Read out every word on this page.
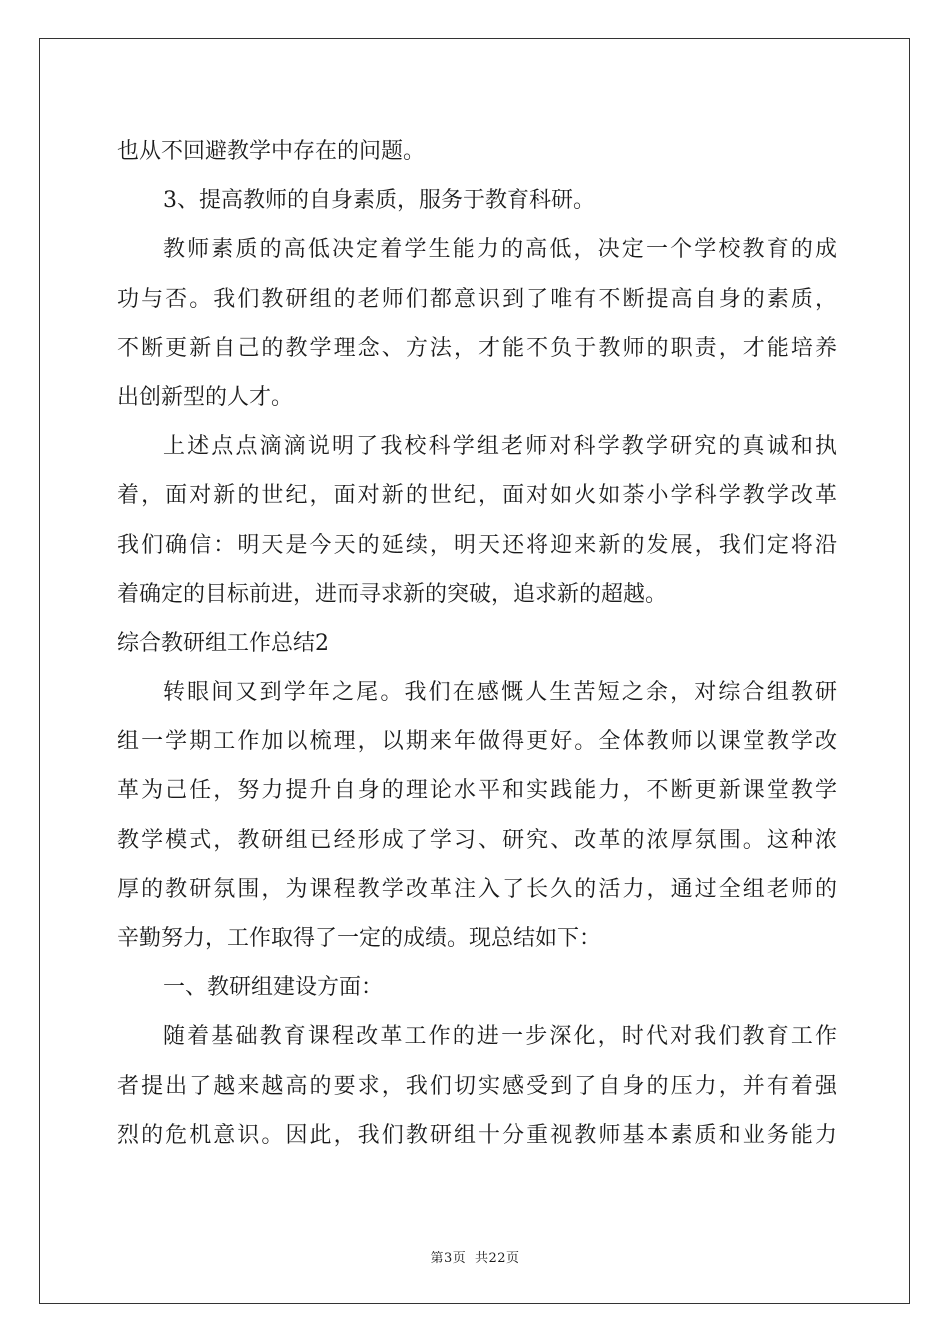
也从不回避教学中存在的问题。
3、提高教师的自身素质，服务于教育科研。
教师素质的高低决定着学生能力的高低，决定一个学校教育的成
功与否。我们教研组的老师们都意识到了唯有不断提高自身的素质，
不断更新自己的教学理念、方法，才能不负于教师的职责，才能培养
出创新型的人才。
上述点点滴滴说明了我校科学组老师对科学教学研究的真诚和执
着，面对新的世纪，面对新的世纪，面对如火如荼小学科学教学改革
我们确信：明天是今天的延续，明天还将迎来新的发展，我们定将沿
着确定的目标前进，进而寻求新的突破，追求新的超越。
综合教研组工作总结2
转眼间又到学年之尾。我们在感慨人生苦短之余，对综合组教研
组一学期工作加以梳理，以期来年做得更好。全体教师以课堂教学改
革为己任，努力提升自身的理论水平和实践能力，不断更新课堂教学
教学模式，教研组已经形成了学习、研究、改革的浓厚氛围。这种浓
厚的教研氛围，为课程教学改革注入了长久的活力，通过全组老师的
辛勤努力，工作取得了一定的成绩。现总结如下：
一、教研组建设方面：
随着基础教育课程改革工作的进一步深化，时代对我们教育工作
者提出了越来越高的要求，我们切实感受到了自身的压力，并有着强
烈的危机意识。因此，我们教研组十分重视教师基本素质和业务能力
第3页 共22页
